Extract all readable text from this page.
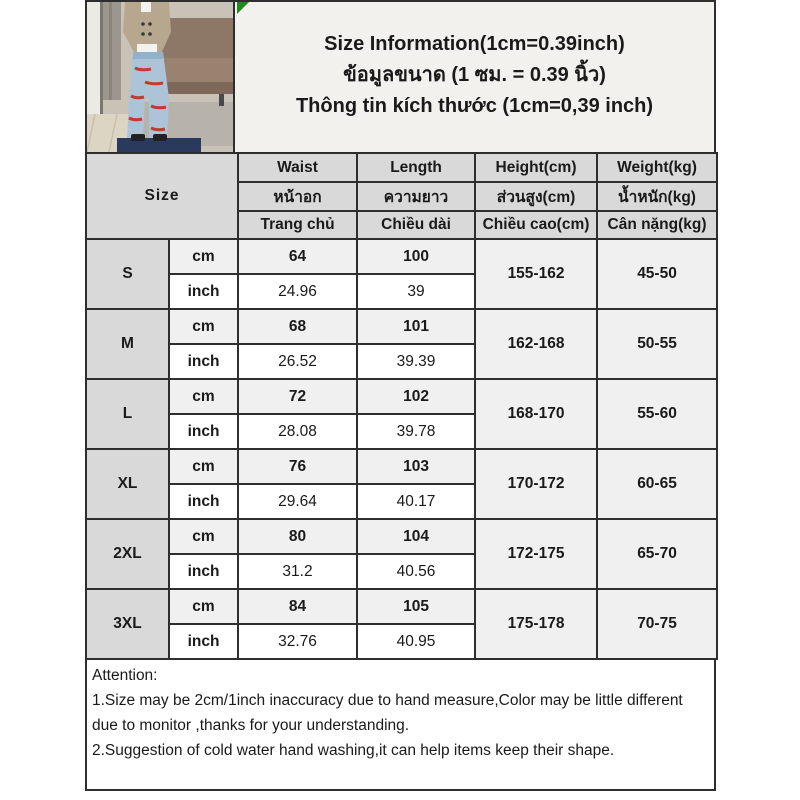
Size Information(1cm=0.39inch)
ข้อมูลขนาด (1 ซม. = 0.39 นิ้ว)
Thông tin kích thước (1cm=0,39 inch)
Size		Waist	Length	Height(cm)	Weight(kg)
		หน้าอก	ความยาว	ส่วนสูง(cm)	น้ำหนัก(kg)
		Trang chủ	Chiều dài	Chiều cao(cm)	Cân nặng(kg)
S	cm	64	100	155-162	45-50
	inch	24.96	39		
M	cm	68	101	162-168	50-55
	inch	26.52	39.39		
L	cm	72	102	168-170	55-60
	inch	28.08	39.78		
XL	cm	76	103	170-172	60-65
	inch	29.64	40.17		
2XL	cm	80	104	172-175	65-70
	inch	31.2	40.56		
3XL	cm	84	105	175-178	70-75
	inch	32.76	40.95		

Attention:

1.Size may be 2cm/1inch inaccuracy due to hand measure,Color may be little different due to monitor ,thanks for your understanding.

2.Suggestion of cold water hand washing,it can help items keep their shape.
